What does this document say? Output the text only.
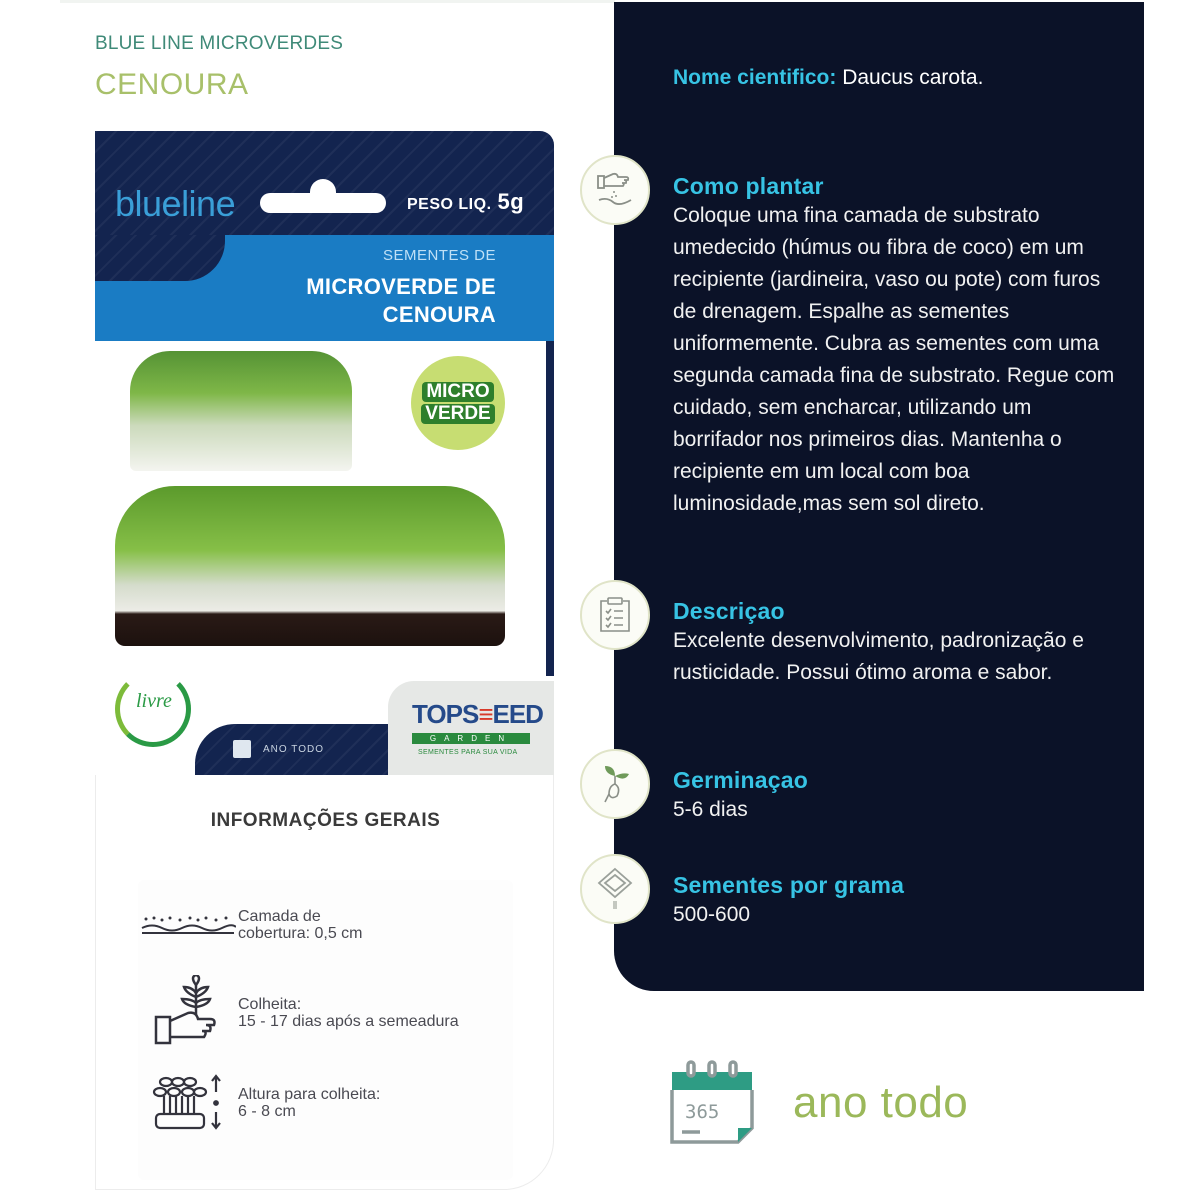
BLUE LINE MICROVERDES
CENOURA
blueline	PESO LIQ. 5g
SEMENTES DE
MICROVERDE DE
CENOURA
MICRO
VERDE
livre
ANO TODO
TOPS≡EED
GARDEN
SEMENTES PARA SUA VIDA
INFORMAÇÕES GERAIS
Camada de
cobertura: 0,5 cm
Colheita:
15 - 17 dias após a semeadura
Altura para colheita:
6 - 8 cm
Nome cientifico: Daucus carota.
Como plantar

Coloque uma fina camada de substrato umedecido (húmus ou fibra de coco) em um recipiente (jardineira, vaso ou pote) com furos de drenagem. Espalhe as sementes uniformemente. Cubra as sementes com uma segunda camada fina de substrato. Regue com cuidado, sem encharcar, utilizando um borrifador nos primeiros dias. Mantenha o recipiente em um local com boa luminosidade,mas sem sol direto.

Descriçao

Excelente desenvolvimento, padronização e rusticidade. Possui ótimo aroma e sabor.

Germinaçao

5-6 dias

Sementes por grama

500-600

365 ano todo
